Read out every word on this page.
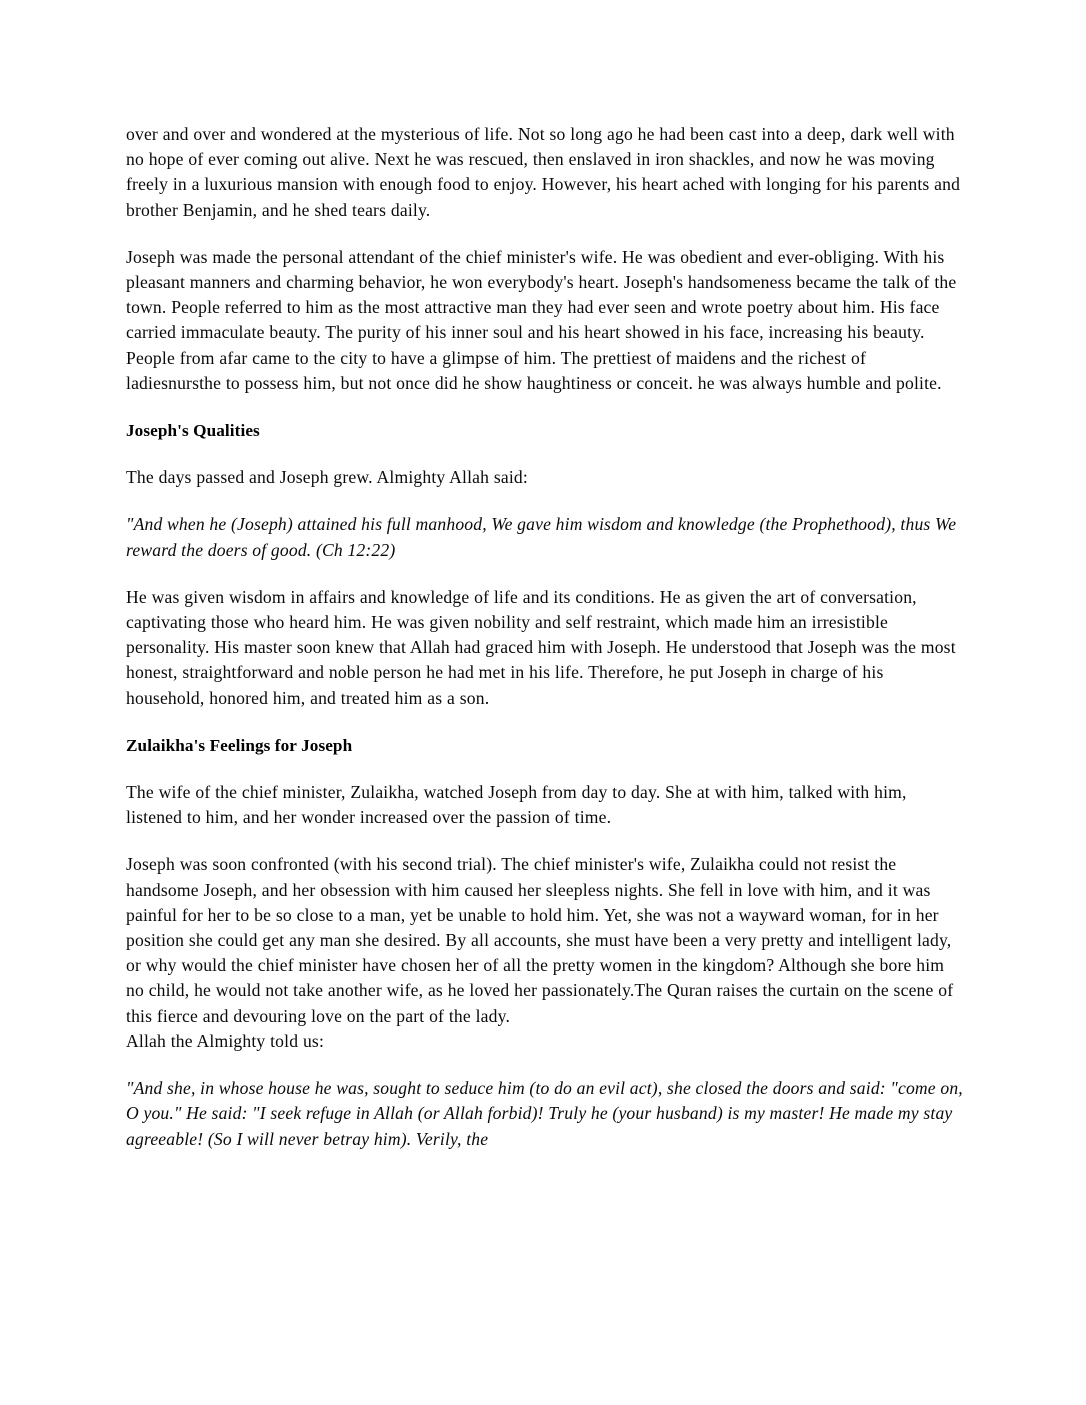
over and over and wondered at the mysterious of life. Not so long ago he had been cast into a deep, dark well with no hope of ever coming out alive. Next he was rescued, then enslaved in iron shackles, and now he was moving freely in a luxurious mansion with enough food to enjoy. However, his heart ached with longing for his parents and brother Benjamin, and he shed tears daily.

Joseph was made the personal attendant of the chief minister's wife. He was obedient and ever-obliging. With his pleasant manners and charming behavior, he won everybody's heart. Joseph's handsomeness became the talk of the town. People referred to him as the most attractive man they had ever seen and wrote poetry about him. His face carried immaculate beauty. The purity of his inner soul and his heart showed in his face, increasing his beauty. People from afar came to the city to have a glimpse of him. The prettiest of maidens and the richest of ladiesnursthe to possess him, but not once did he show haughtiness or conceit. he was always humble and polite.

Joseph's Qualities

The days passed and Joseph grew. Almighty Allah said:

"And when he (Joseph) attained his full manhood, We gave him wisdom and knowledge (the Prophethood), thus We reward the doers of good. (Ch 12:22)

He was given wisdom in affairs and knowledge of life and its conditions. He as given the art of conversation, captivating those who heard him. He was given nobility and self restraint, which made him an irresistible personality. His master soon knew that Allah had graced him with Joseph. He understood that Joseph was the most honest, straightforward and noble person he had met in his life. Therefore, he put Joseph in charge of his household, honored him, and treated him as a son.

Zulaikha's Feelings for Joseph

The wife of the chief minister, Zulaikha, watched Joseph from day to day. She at with him, talked with him, listened to him, and her wonder increased over the passion of time.

Joseph was soon confronted (with his second trial). The chief minister's wife, Zulaikha could not resist the handsome Joseph, and her obsession with him caused her sleepless nights. She fell in love with him, and it was painful for her to be so close to a man, yet be unable to hold him. Yet, she was not a wayward woman, for in her position she could get any man she desired. By all accounts, she must have been a very pretty and intelligent lady, or why would the chief minister have chosen her of all the pretty women in the kingdom? Although she bore him no child, he would not take another wife, as he loved her passionately.The Quran raises the curtain on the scene of this fierce and devouring love on the part of the lady.
Allah the Almighty told us:

"And she, in whose house he was, sought to seduce him (to do an evil act), she closed the doors and said: "come on, O you." He said: "I seek refuge in Allah (or Allah forbid)! Truly he (your husband) is my master! He made my stay agreeable! (So I will never betray him). Verily, the
